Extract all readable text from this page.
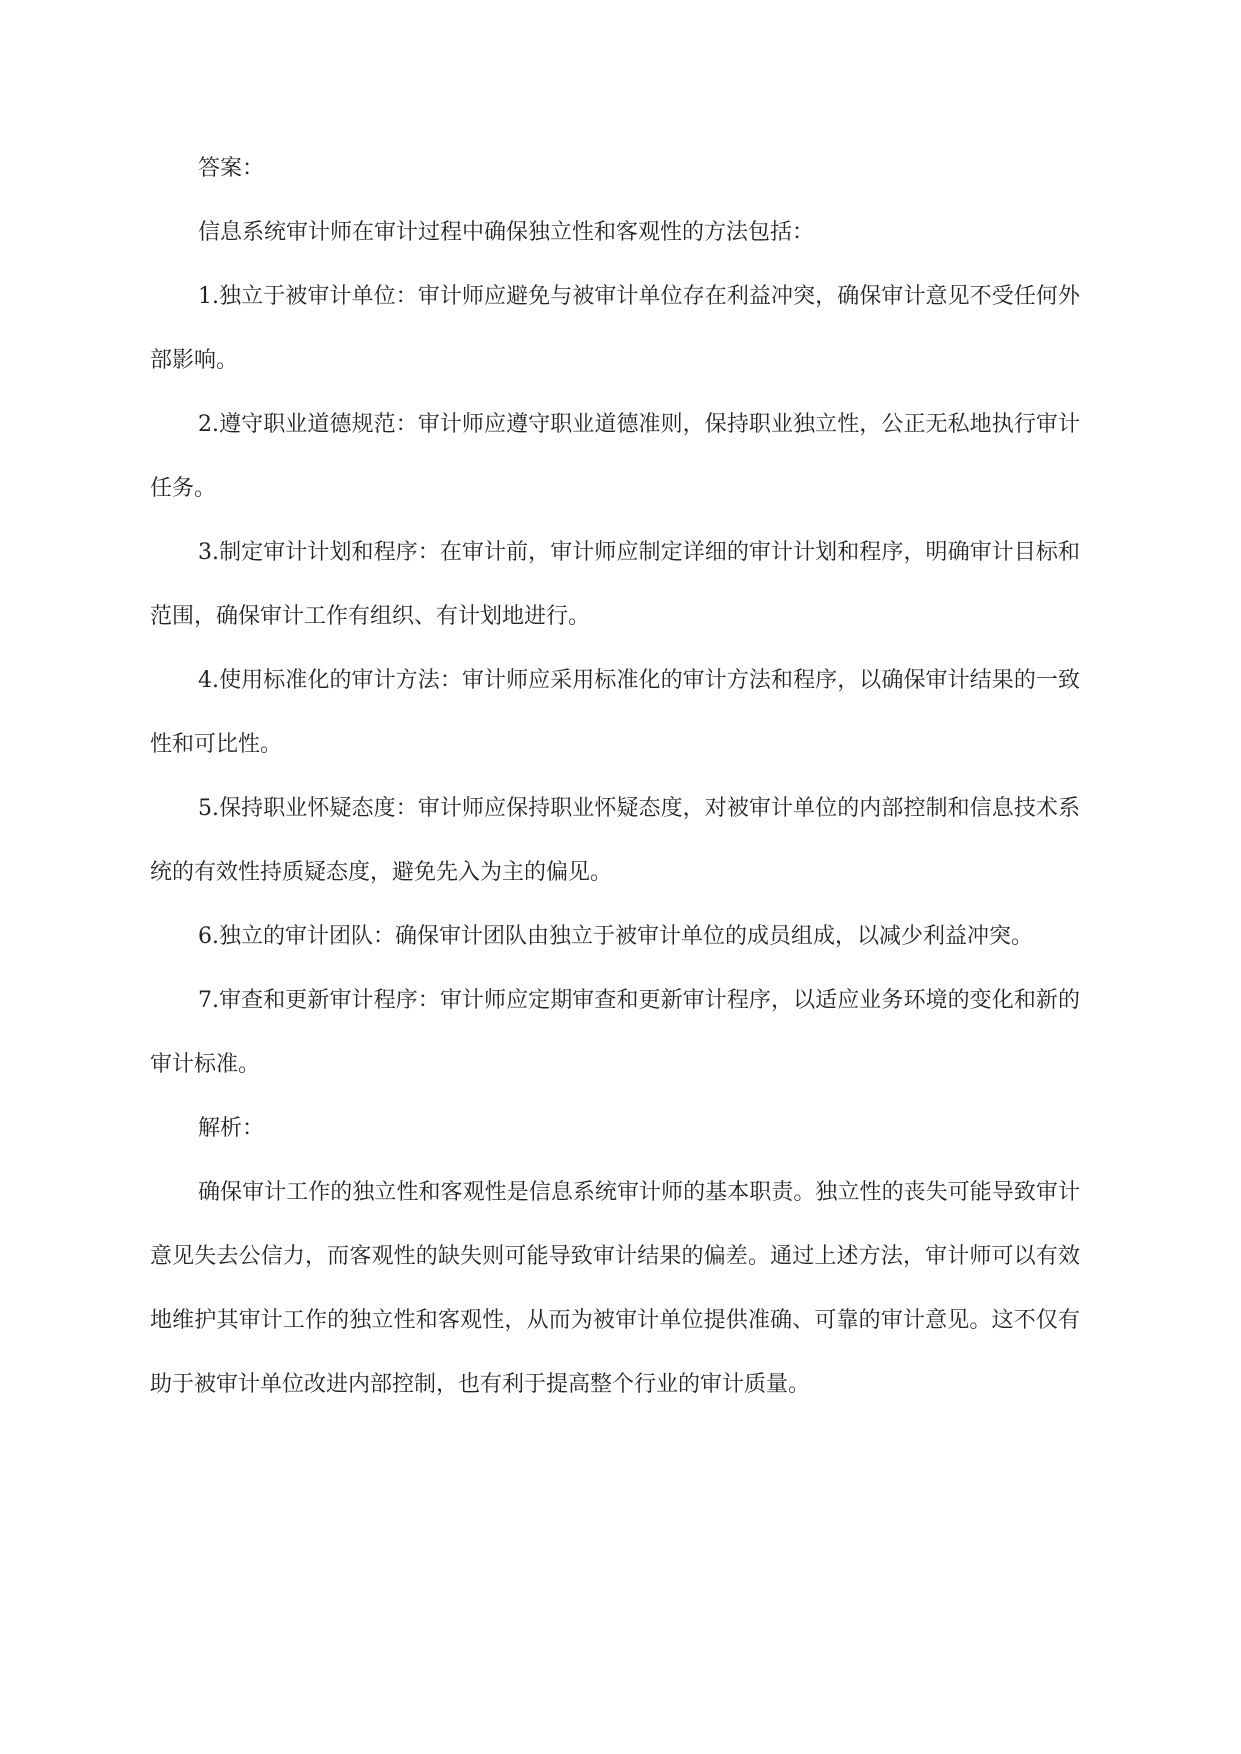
答案：

信息系统审计师在审计过程中确保独立性和客观性的方法包括：

1.独立于被审计单位：审计师应避免与被审计单位存在利益冲突，确保审计意见不受任何外部影响。

2.遵守职业道德规范：审计师应遵守职业道德准则，保持职业独立性，公正无私地执行审计任务。

3.制定审计计划和程序：在审计前，审计师应制定详细的审计计划和程序，明确审计目标和范围，确保审计工作有组织、有计划地进行。

4.使用标准化的审计方法：审计师应采用标准化的审计方法和程序，以确保审计结果的一致性和可比性。

5.保持职业怀疑态度：审计师应保持职业怀疑态度，对被审计单位的内部控制和信息技术系统的有效性持质疑态度，避免先入为主的偏见。

6.独立的审计团队：确保审计团队由独立于被审计单位的成员组成，以减少利益冲突。

7.审查和更新审计程序：审计师应定期审查和更新审计程序，以适应业务环境的变化和新的审计标准。

解析：

确保审计工作的独立性和客观性是信息系统审计师的基本职责。独立性的丧失可能导致审计意见失去公信力，而客观性的缺失则可能导致审计结果的偏差。通过上述方法，审计师可以有效地维护其审计工作的独立性和客观性，从而为被审计单位提供准确、可靠的审计意见。这不仅有助于被审计单位改进内部控制，也有利于提高整个行业的审计质量。
